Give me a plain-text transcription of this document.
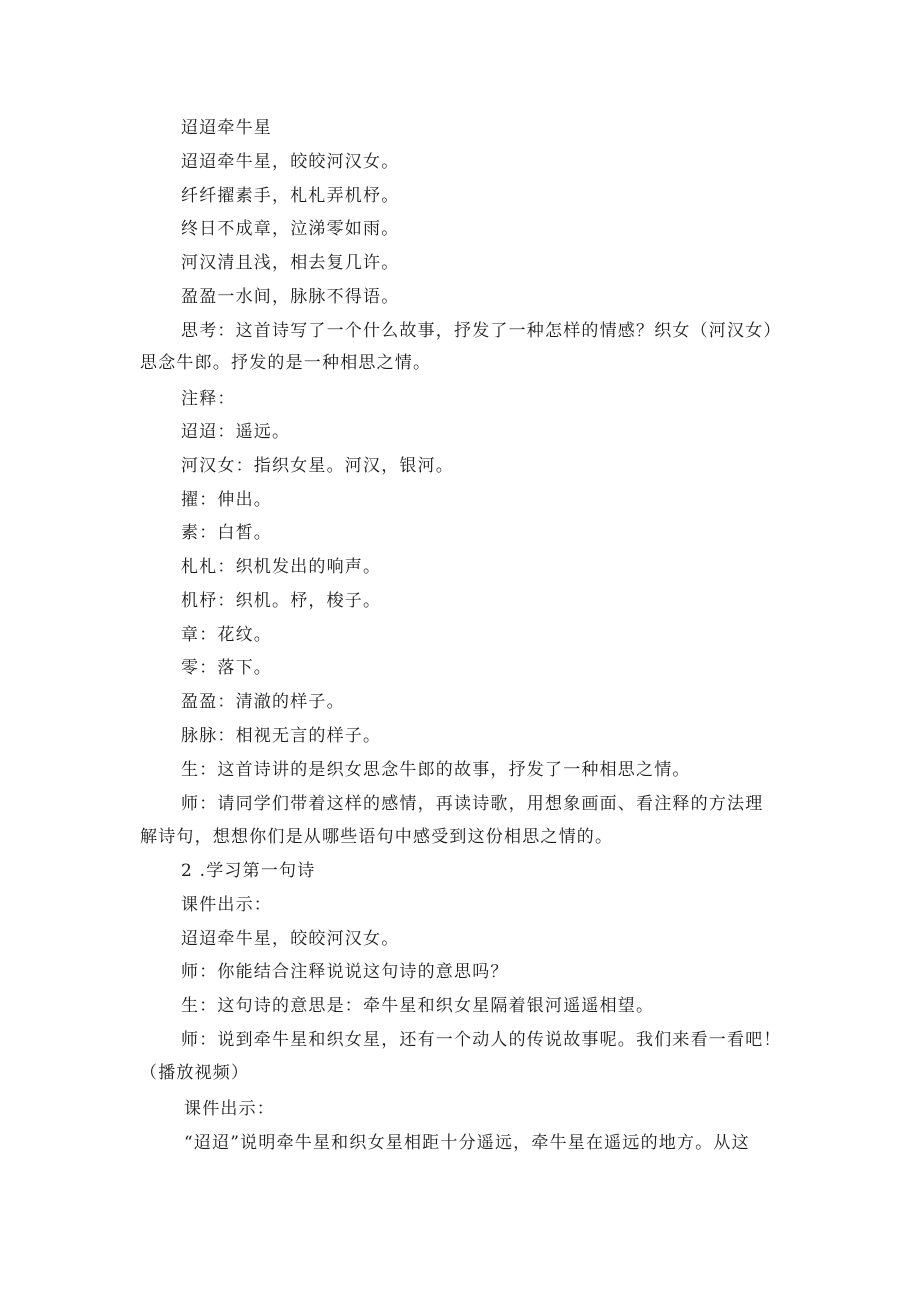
迢迢牵牛星
迢迢牵牛星，皎皎河汉女。
纤纤擢素手，札札弄机杼。
终日不成章，泣涕零如雨。
河汉清且浅，相去复几许。
盈盈一水间，脉脉不得语。
思考：这首诗写了一个什么故事，抒发了一种怎样的情感？织女（河汉女）
思念牛郎。抒发的是一种相思之情。
注释：
迢迢：遥远。
河汉女：指织女星。河汉，银河。
擢：伸出。
素：白皙。
札札：织机发出的响声。
机杼：织机。杼，梭子。
章：花纹。
零：落下。
盈盈：清澈的样子。
脉脉：相视无言的样子。
生：这首诗讲的是织女思念牛郎的故事，抒发了一种相思之情。
师：请同学们带着这样的感情，再读诗歌，用想象画面、看注释的方法理
解诗句，想想你们是从哪些语句中感受到这份相思之情的。
2 .学习第一句诗
课件出示：
迢迢牵牛星，皎皎河汉女。
师：你能结合注释说说这句诗的意思吗？
生：这句诗的意思是：牵牛星和织女星隔着银河遥遥相望。
师：说到牵牛星和织女星，还有一个动人的传说故事呢。我们来看一看吧！
（播放视频）
课件出示：
“迢迢”说明牵牛星和织女星相距十分遥远，牵牛星在遥远的地方。从这
